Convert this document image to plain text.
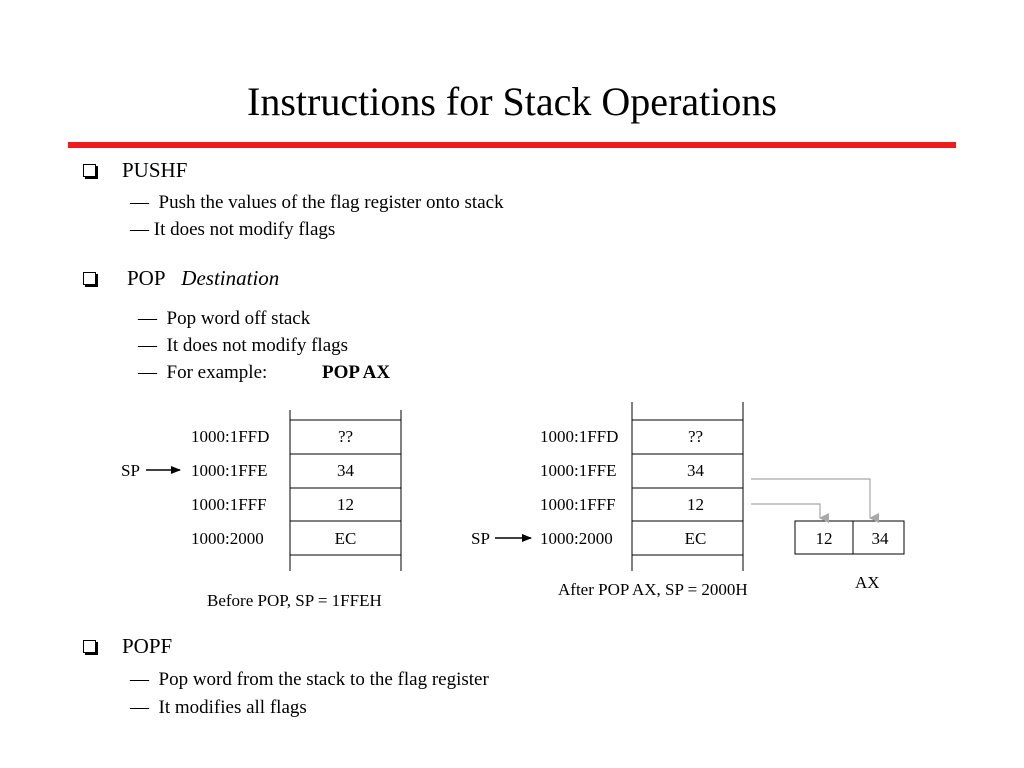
Instructions for Stack Operations
PUSHF
— Push the values of the flag register onto stack
— It does not modify flags
POP Destination
— Pop word off stack
— It does not modify flags
— For example:	POP AX
1000:1FFD
1000:1FFE
1000:1FFF
1000:2000
??
34
12
EC
SP
Before POP, SP = 1FFEH
1000:1FFD
1000:1FFE
1000:1FFF
1000:2000
??
34
12
EC
SP
After POP AX, SP = 2000H
12	34
AX
POPF
— Pop word from the stack to the flag register
— It modifies all flags
